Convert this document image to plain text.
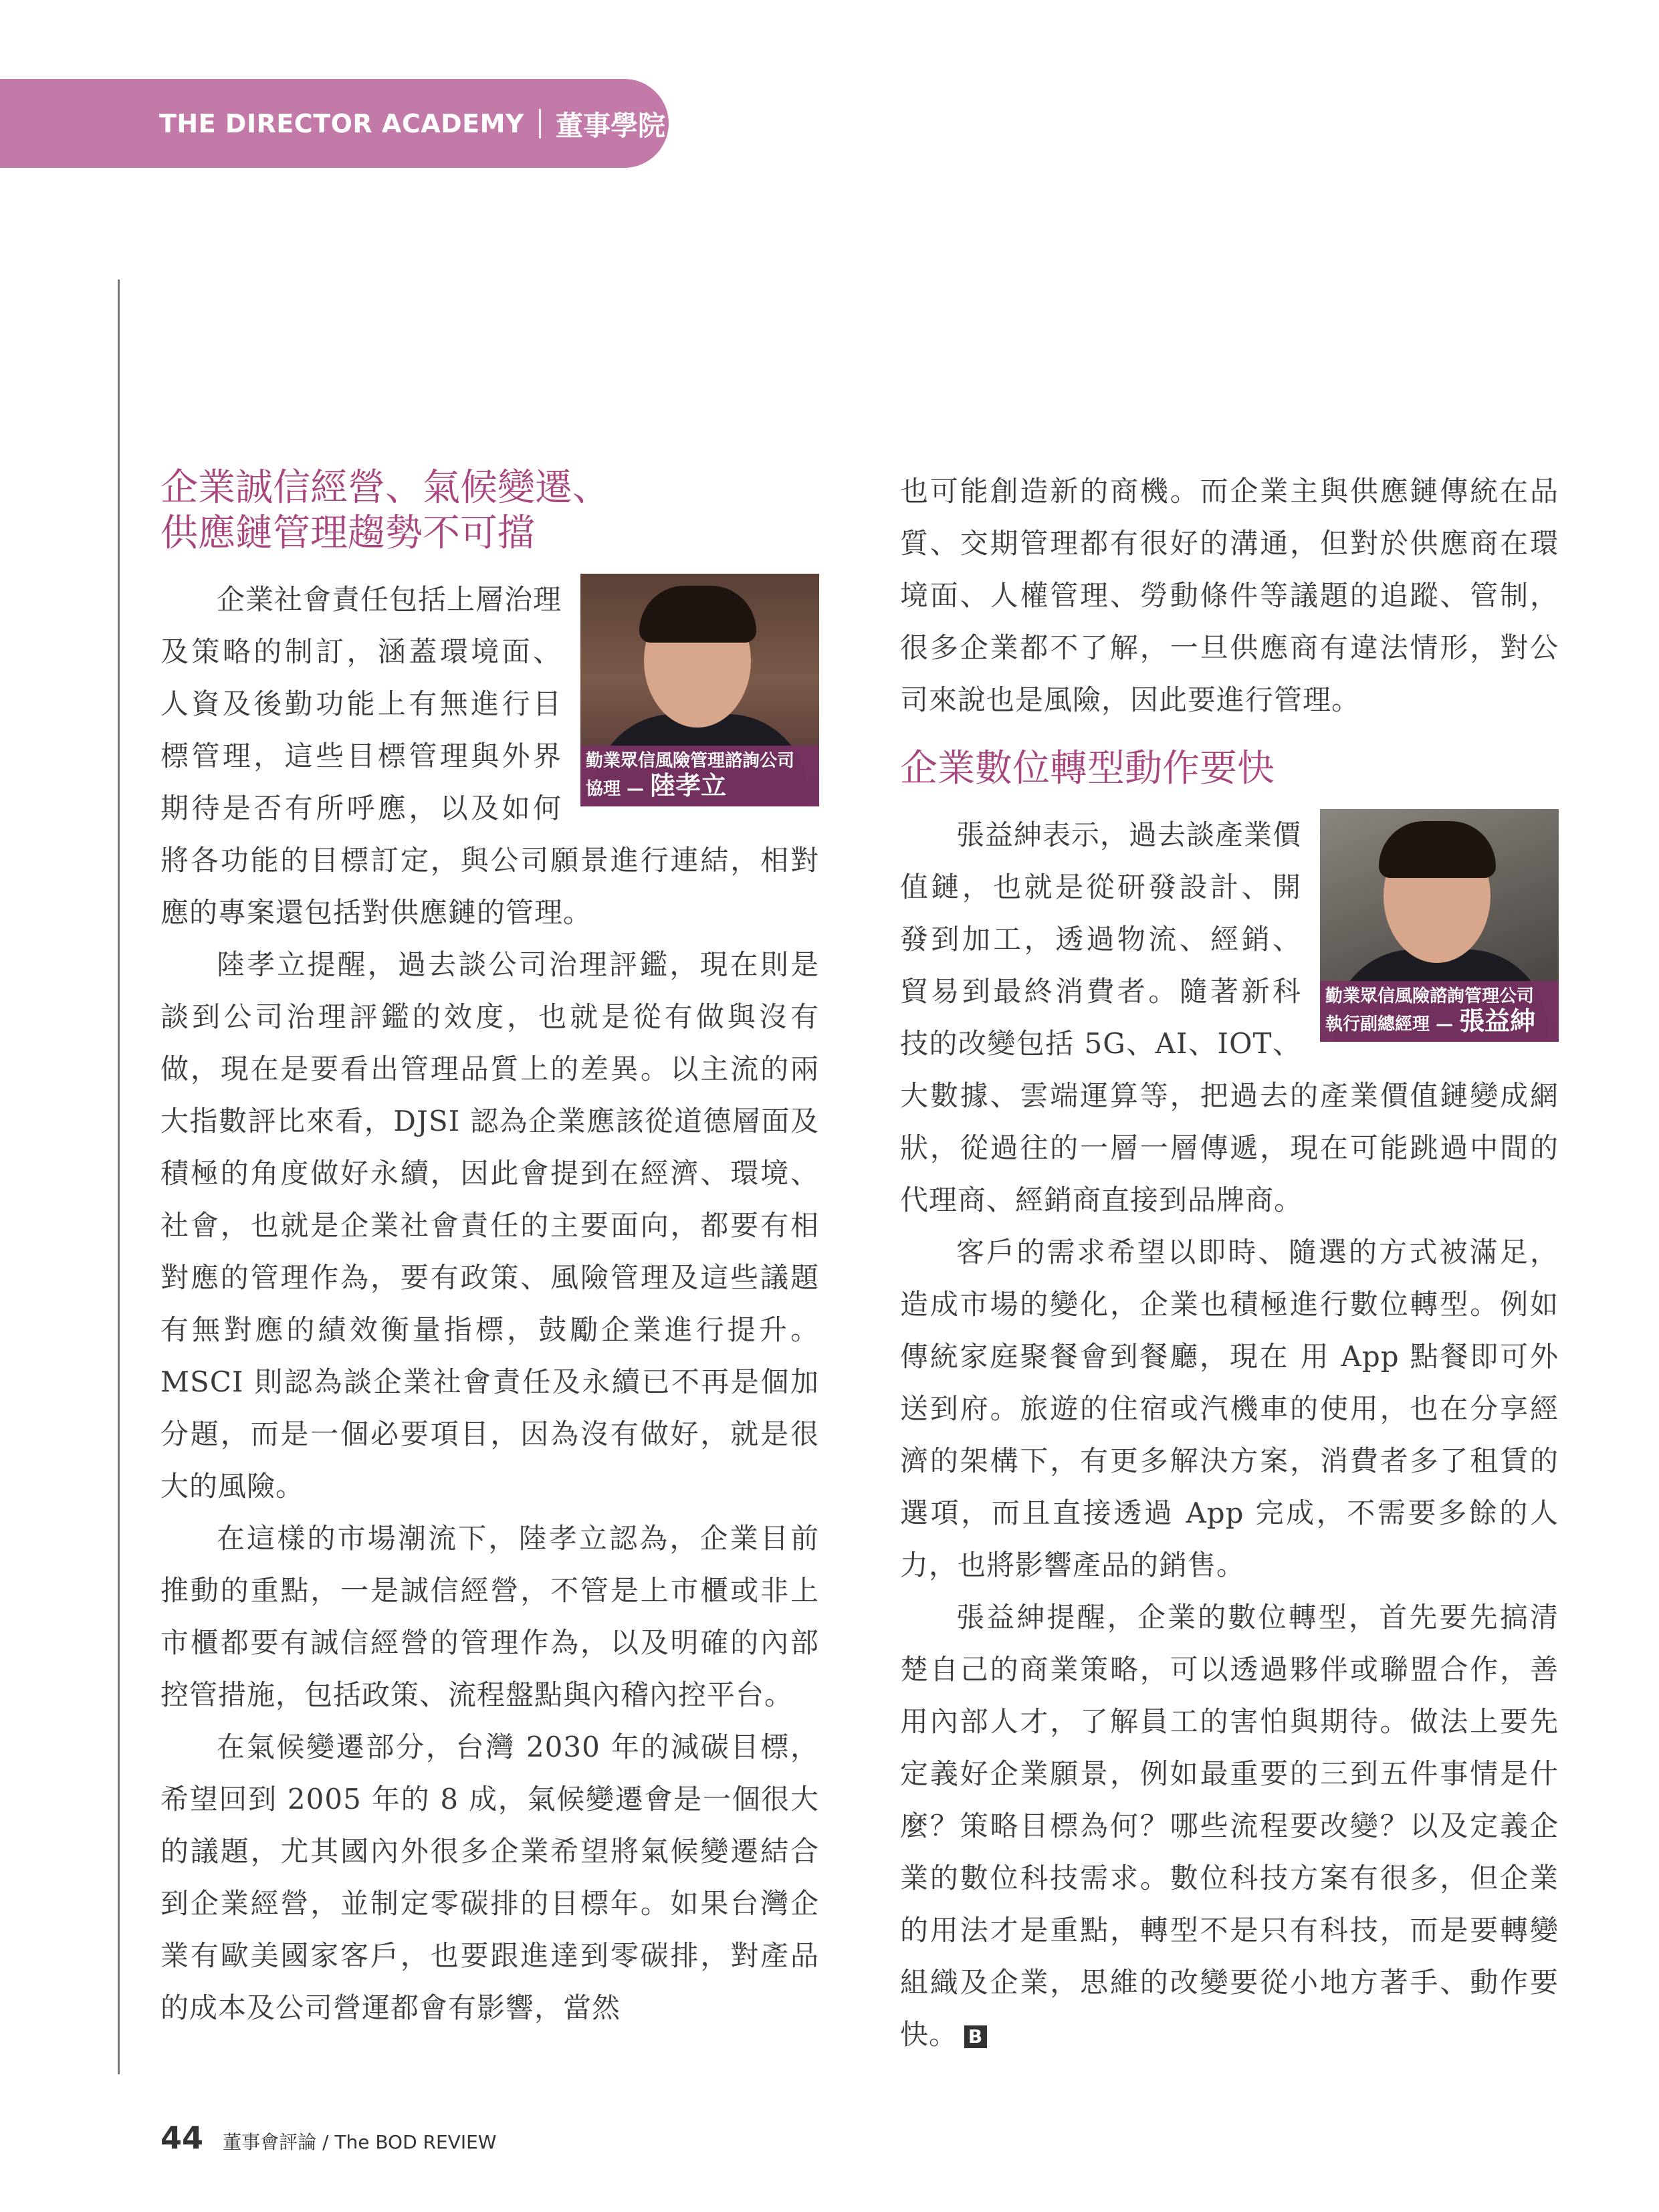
THE DIRECTOR ACADEMY 董事學院
企業誠信經營、氣候變遷、
供應鏈管理趨勢不可擋
勤業眾信風險管理諮詢公司
協理 — 陸孝立

企業社會責任包括上層治理及策略的制訂，涵蓋環境面、人資及後勤功能上有無進行目標管理，這些目標管理與外界期待是否有所呼應，以及如何將各功能的目標訂定，與公司願景進行連結，相對應的專案還包括對供應鏈的管理。

陸孝立提醒，過去談公司治理評鑑，現在則是談到公司治理評鑑的效度，也就是從有做與沒有做，現在是要看出管理品質上的差異。以主流的兩大指數評比來看，DJSI 認為企業應該從道德層面及積極的角度做好永續，因此會提到在經濟、環境、社會，也就是企業社會責任的主要面向，都要有相對應的管理作為，要有政策、風險管理及這些議題有無對應的績效衡量指標，鼓勵企業進行提升。MSCI 則認為談企業社會責任及永續已不再是個加分題，而是一個必要項目，因為沒有做好，就是很大的風險。

在這樣的市場潮流下，陸孝立認為，企業目前推動的重點，一是誠信經營，不管是上市櫃或非上市櫃都要有誠信經營的管理作為，以及明確的內部控管措施，包括政策、流程盤點與內稽內控平台。

在氣候變遷部分，台灣 2030 年的減碳目標，希望回到 2005 年的 8 成，氣候變遷會是一個很大的議題，尤其國內外很多企業希望將氣候變遷結合到企業經營，並制定零碳排的目標年。如果台灣企業有歐美國家客戶，也要跟進達到零碳排，對產品的成本及公司營運都會有影響，當然

也可能創造新的商機。而企業主與供應鏈傳統在品質、交期管理都有很好的溝通，但對於供應商在環境面、人權管理、勞動條件等議題的追蹤、管制，很多企業都不了解，一旦供應商有違法情形，對公司來說也是風險，因此要進行管理。

企業數位轉型動作要快
勤業眾信風險諮詢管理公司
執行副總經理 — 張益紳

張益紳表示，過去談產業價值鏈，也就是從研發設計、開發到加工，透過物流、經銷、貿易到最終消費者。隨著新科技的改變包括 5G、AI、IOT、大數據、雲端運算等，把過去的產業價值鏈變成網狀，從過往的一層一層傳遞，現在可能跳過中間的代理商、經銷商直接到品牌商。

客戶的需求希望以即時、隨選的方式被滿足，造成市場的變化，企業也積極進行數位轉型。例如傳統家庭聚餐會到餐廳，現在 用 App 點餐即可外送到府。旅遊的住宿或汽機車的使用，也在分享經濟的架構下，有更多解決方案，消費者多了租賃的選項，而且直接透過 App 完成，不需要多餘的人力，也將影響產品的銷售。

張益紳提醒，企業的數位轉型，首先要先搞清楚自己的商業策略，可以透過夥伴或聯盟合作，善用內部人才，了解員工的害怕與期待。做法上要先定義好企業願景，例如最重要的三到五件事情是什麼？策略目標為何？哪些流程要改變？以及定義企業的數位科技需求。數位科技方案有很多，但企業的用法才是重點，轉型不是只有科技，而是要轉變組織及企業，思維的改變要從小地方著手、動作要快。 B

44 董事會評論 / The BOD REVIEW
